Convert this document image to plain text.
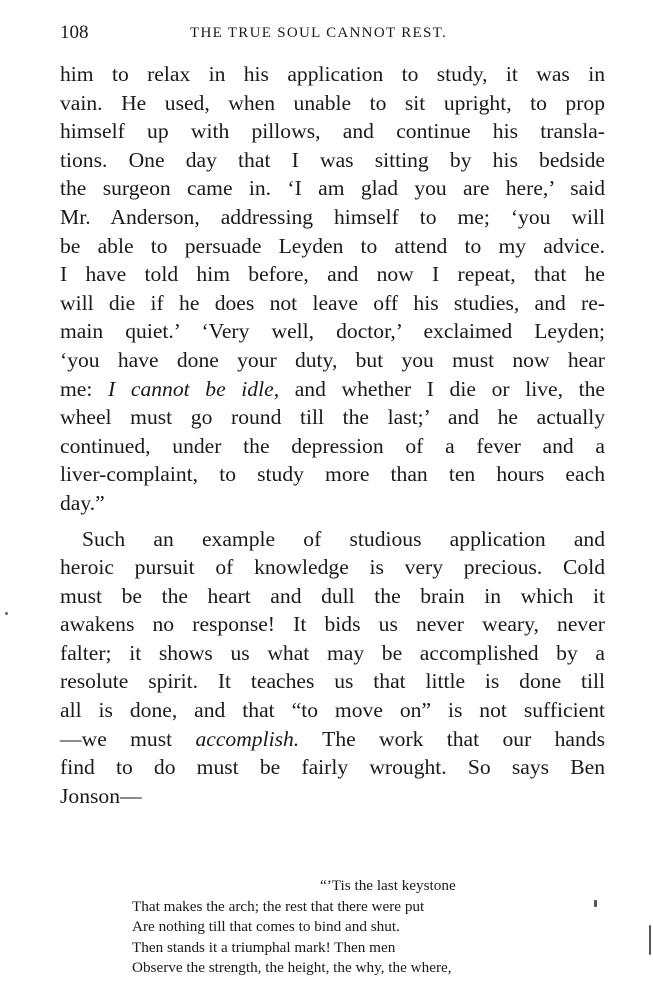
108	THE TRUE SOUL CANNOT REST.
him to relax in his application to study, it was in
vain. He used, when unable to sit upright, to prop
himself up with pillows, and continue his transla-
tions. One day that I was sitting by his bedside
the surgeon came in. ‘I am glad you are here,’ said
Mr. Anderson, addressing himself to me; ‘you will
be able to persuade Leyden to attend to my advice.
I have told him before, and now I repeat, that he
will die if he does not leave off his studies, and re-
main quiet.’ ‘Very well, doctor,’ exclaimed Leyden;
‘you have done your duty, but you must now hear
me: I cannot be idle, and whether I die or live, the
wheel must go round till the last;’ and he actually
continued, under the depression of a fever and a
liver-complaint, to study more than ten hours each
day.”
Such an example of studious application and
heroic pursuit of knowledge is very precious. Cold
must be the heart and dull the brain in which it
awakens no response! It bids us never weary, never
falter; it shows us what may be accomplished by a
resolute spirit. It teaches us that little is done till
all is done, and that “to move on” is not sufficient
—we must accomplish. The work that our hands
find to do must be fairly wrought. So says Ben
Jonson—
“’Tis the last keystone
That makes the arch; the rest that there were put
Are nothing till that comes to bind and shut.
Then stands it a triumphal mark! Then men
Observe the strength, the height, the why, the where,
